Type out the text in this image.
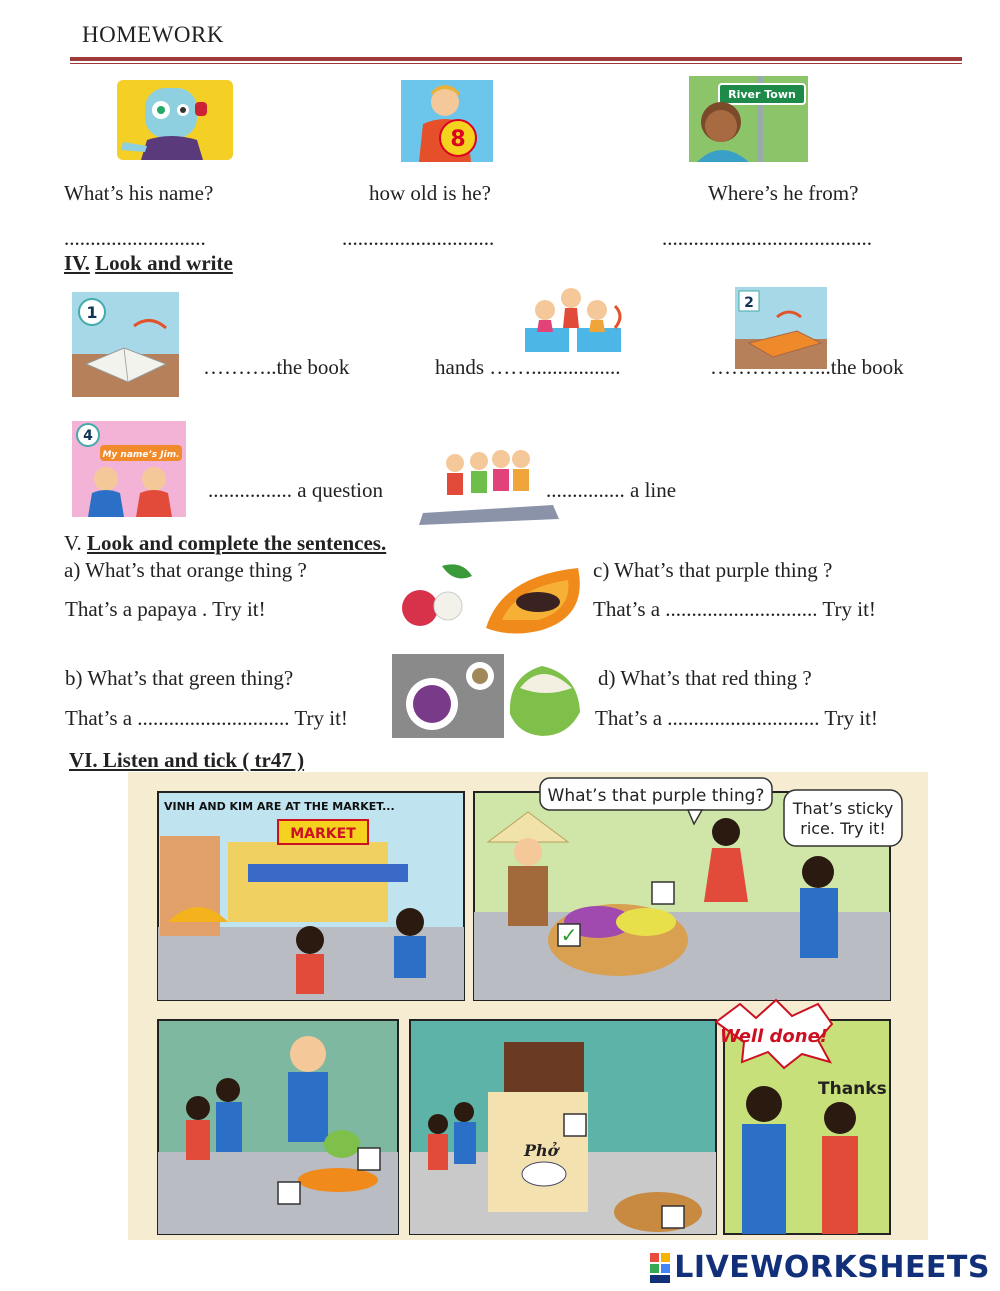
HOMEWORK
8
River Town
What’s his name?	how old is he?	Where’s he from?
...........................	.............................	........................................
IV. Look and write
1
………..the book	hands …….................
2
……………...the book
4
My name’s Jim.
................ a question	............... a line
V. Look and complete the sentences.
a) What’s that orange thing ?
That’s a papaya . Try it!
c) What’s that purple thing ?
That’s a ............................. Try it!
b) What’s that green thing?
That’s a ............................. Try it!
d) What’s that red thing ?
That’s a ............................. Try it!
VI. Listen and tick ( tr47 )
VINH AND KIM ARE AT THE MARKET...
MARKET
✓
What’s that purple thing?
That’s sticky
rice. Try it!
Phở
Well done!
Thanks
LIVEWORKSHEETS
